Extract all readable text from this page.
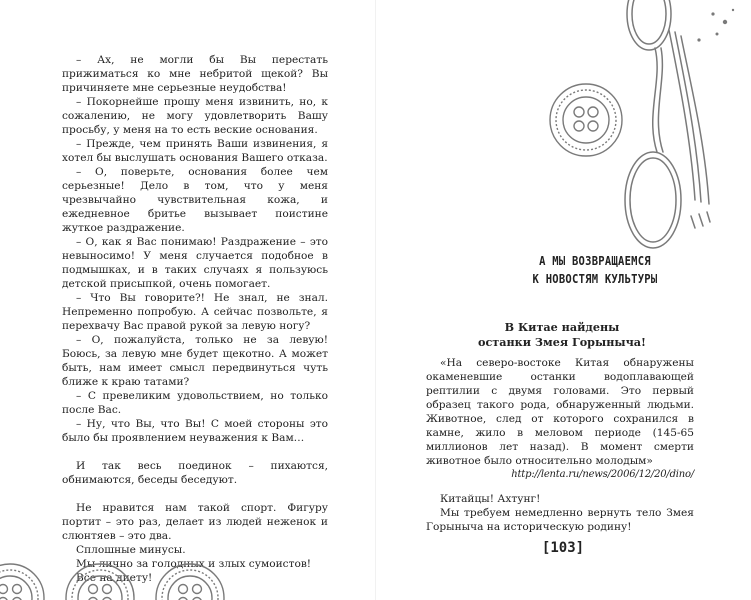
– Ах, не могли бы Вы перестать прижиматься ко мне небритой щекой? Вы причиняете мне серьезные неудобства!

– Покорнейше прошу меня извинить, но, к сожалению, не могу удовлетворить Вашу просьбу, у меня на то есть веские основания.

– Прежде, чем принять Ваши извинения, я хотел бы выслушать основания Вашего отказа.

– О, поверьте, основания более чем серьезные! Дело в том, что у меня чрезвычайно чувствительная кожа, и ежедневное бритье вызывает поистине жуткое раздражение.

– О, как я Вас понимаю! Раздражение – это невыносимо! У меня случается подобное в подмышках, и в таких случаях я пользуюсь детской присыпкой, очень помогает.

– Что Вы говорите?! Не знал, не знал. Непременно попробую. А сейчас позвольте, я перехвачу Вас правой рукой за левую ногу?

– О, пожалуйста, только не за левую! Боюсь, за левую мне будет щекотно. А может быть, нам имеет смысл передвинуться чуть ближе к краю татами?

– С превеликим удовольствием, но только после Вас.

– Ну, что Вы, что Вы! С моей стороны это было бы проявлением неуважения к Вам…

И так весь поединок – пихаются, обнимаются, беседы беседуют.

Не нравится нам такой спорт. Фигуру портит – это раз, делает из людей неженок и слюнтяев – это два.

Сплошные минусы.

Мы лично за голодных и злых сумоистов!

Все на диету!

А МЫ ВОЗВРАЩАЕМСЯ
К НОВОСТЯМ КУЛЬТУРЫ
В Китае найдены
останки Змея Горыныча!

«На северо-востоке Китая обнаружены окаменевшие останки водоплавающей рептилии с двумя головами. Это первый образец такого рода, обнаруженный людьми. Животное, след от которого сохранился в камне, жило в меловом периоде (145-65 миллионов лет назад). В момент смерти животное было относительно молодым»

http://lenta.ru/news/2006/12/20/dino/

Китайцы! Ахтунг!

Мы требуем немедленно вернуть тело Змея Горыныча на историческую родину!

[103]
